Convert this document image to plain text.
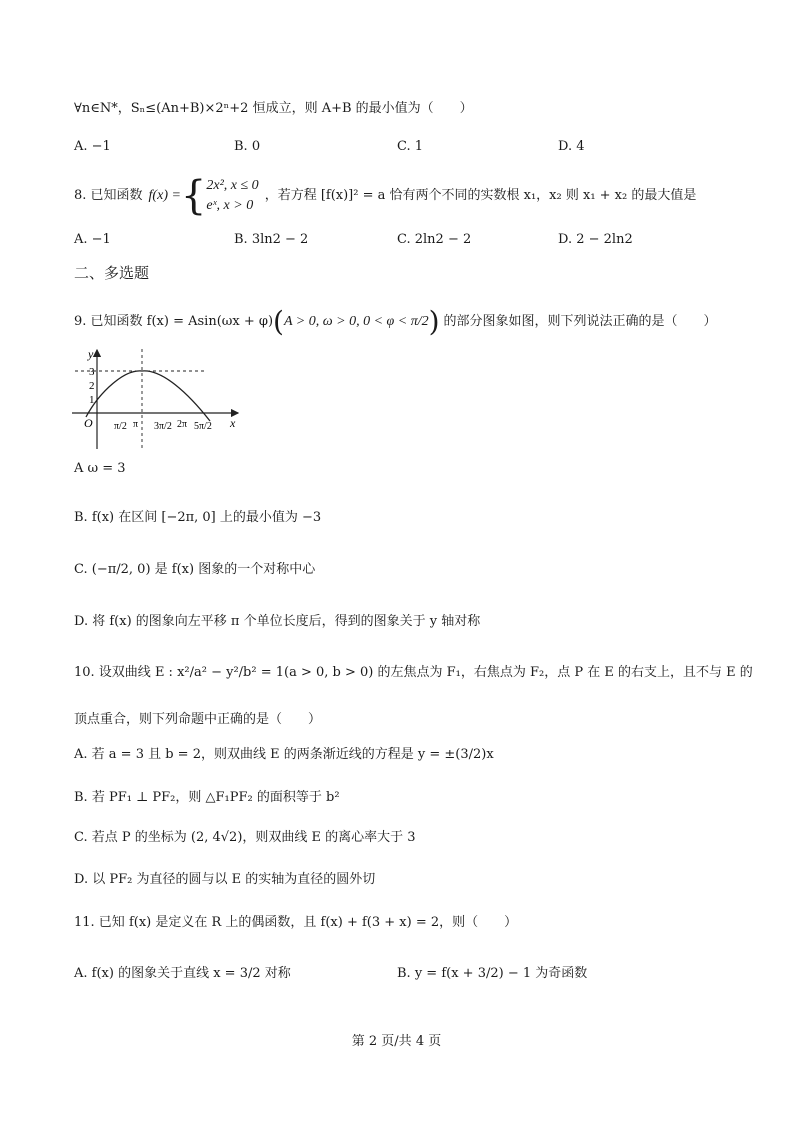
∀n∈N*，Sₙ≤(An+B)×2ⁿ+2 恒成立，则 A+B 的最小值为（　　）
A. −1	B. 0	C. 1	D. 4
8. 已知函数 f(x) = { 2x², x ≤ 0
eˣ, x > 0
，若方程 [f(x)]² = a 恰有两个不同的实数根 x₁，x₂ 则 x₁ + x₂ 的最大值是
A. −1	B. 3ln2 − 2	C. 2ln2 − 2	D. 2 − 2ln2
二、多选题
9. 已知函数 f(x) = Asin(ωx + φ) ( A > 0, ω > 0, 0 < φ < π/2 ) 的部分图象如图，则下列说法正确的是（　　）
y
x
O
3
2
1
π/2 π 3π/2 2π 5π/2
A ω = 3
B. f(x) 在区间 [−2π, 0] 上的最小值为 −3
C. (−π/2, 0) 是 f(x) 图象的一个对称中心
D. 将 f(x) 的图象向左平移 π 个单位长度后，得到的图象关于 y 轴对称
10. 设双曲线 E : x²/a² − y²/b² = 1(a > 0, b > 0) 的左焦点为 F₁，右焦点为 F₂，点 P 在 E 的右支上，且不与 E 的
顶点重合，则下列命题中正确的是（　　）
A. 若 a = 3 且 b = 2，则双曲线 E 的两条渐近线的方程是 y = ±(3/2)x
B. 若 PF₁ ⊥ PF₂，则 △F₁PF₂ 的面积等于 b²
C. 若点 P 的坐标为 (2, 4√2)，则双曲线 E 的离心率大于 3
D. 以 PF₂ 为直径的圆与以 E 的实轴为直径的圆外切
11. 已知 f(x) 是定义在 R 上的偶函数，且 f(x) + f(3 + x) = 2，则（　　）
A. f(x) 的图象关于直线 x = 3/2 对称	B. y = f(x + 3/2) − 1 为奇函数
第 2 页/共 4 页
